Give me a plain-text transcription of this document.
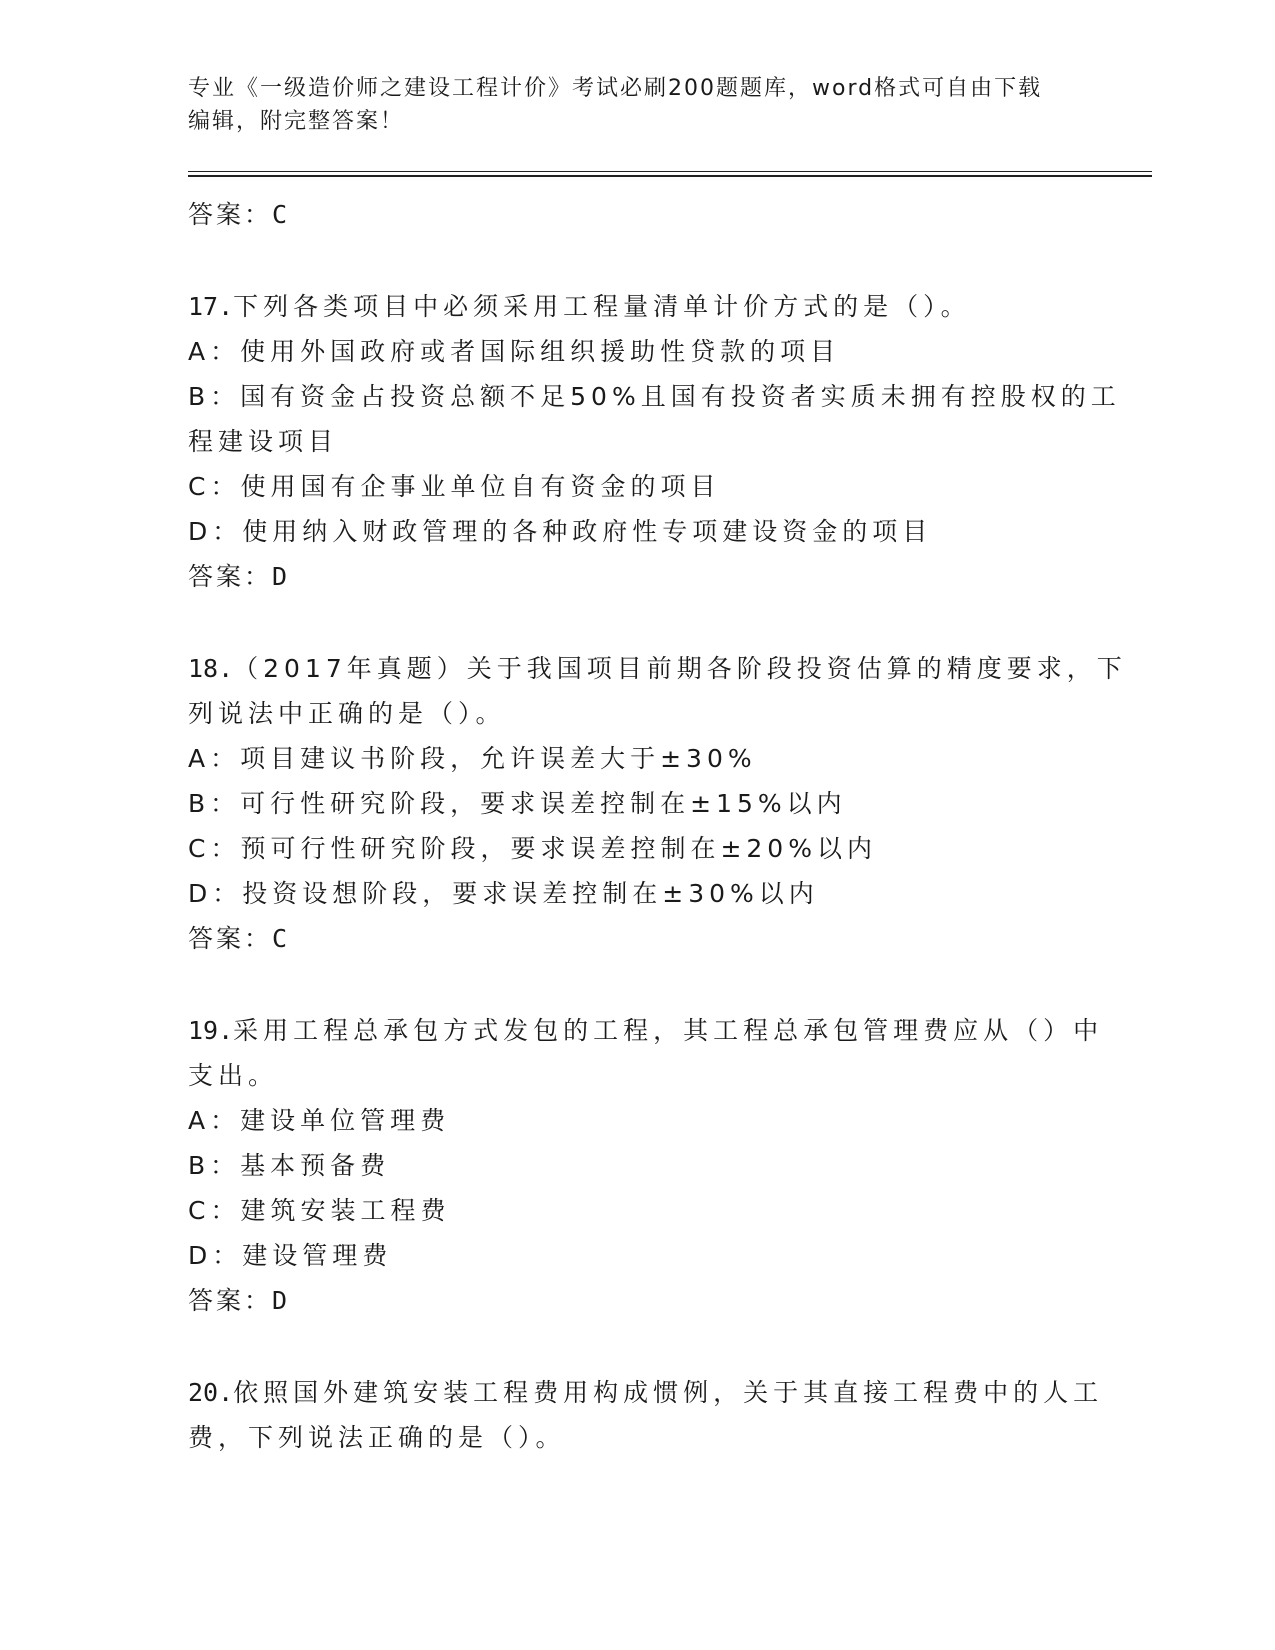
专业《一级造价师之建设工程计价》考试必刷200题题库，word格式可自由下载
编辑，附完整答案！
答案：C
17.下列各类项目中必须采用工程量清单计价方式的是（）。
A：使用外国政府或者国际组织援助性贷款的项目
B：国有资金占投资总额不足50%且国有投资者实质未拥有控股权的工
程建设项目
C：使用国有企事业单位自有资金的项目
D：使用纳入财政管理的各种政府性专项建设资金的项目
答案：D
18.（2017年真题）关于我国项目前期各阶段投资估算的精度要求，下
列说法中正确的是（）。
A：项目建议书阶段，允许误差大于±30%
B：可行性研究阶段，要求误差控制在±15%以内
C：预可行性研究阶段，要求误差控制在±20%以内
D：投资设想阶段，要求误差控制在±30%以内
答案：C
19.采用工程总承包方式发包的工程，其工程总承包管理费应从（）中
支出。
A：建设单位管理费
B：基本预备费
C：建筑安装工程费
D：建设管理费
答案：D
20.依照国外建筑安装工程费用构成惯例，关于其直接工程费中的人工
费，下列说法正确的是（）。
